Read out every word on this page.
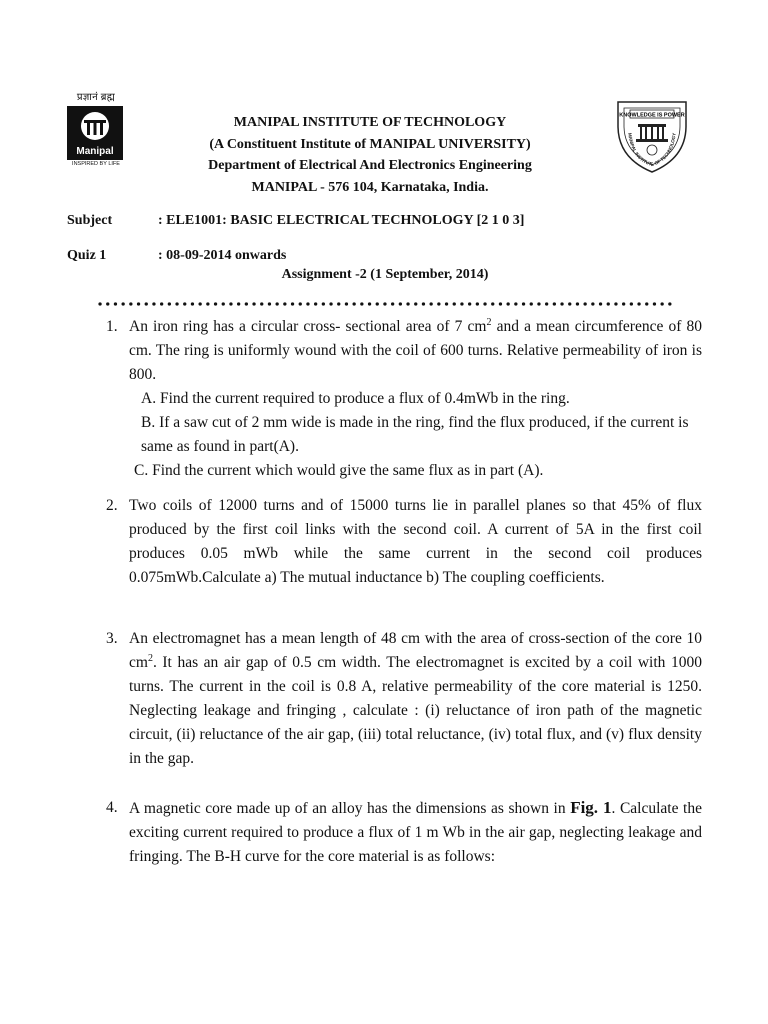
प्रज्ञानं ब्रह्म
Manipal
INSPIRED BY LIFE
KNOWLEDGE IS POWER
MANIPAL INSTITUTE OF TECHNOLOGY
MANIPAL INSTITUTE OF TECHNOLOGY
(A Constituent Institute of MANIPAL UNIVERSITY)
Department of Electrical And Electronics Engineering
MANIPAL - 576 104, Karnataka, India.
Subject	: ELE1001: BASIC ELECTRICAL TECHNOLOGY [2 1 0 3]
Quiz 1	: 08-09-2014 onwards
Assignment -2 (1 September, 2014)
1. An iron ring has a circular cross- sectional area of 7 $cm^2$ and a mean circumference of 80 cm. The ring is uniformly wound with the coil of 600 turns. Relative permeability of iron is 800.
A. Find the current required to produce a flux of 0.4mWb in the ring.
B. If a saw cut of 2 mm wide is made in the ring, find the flux produced, if the current is same as found in part(A).
C. Find the current which would give the same flux as in part (A).
2. Two coils of 12000 turns and of 15000 turns lie in parallel planes so that 45% of flux produced by the first coil links with the second coil. A current of 5A in the first coil produces 0.05 mWb while the same current in the second coil produces 0.075mWb.Calculate a) The mutual inductance b) The coupling coefficients.
3. An electromagnet has a mean length of 48 cm with the area of cross-section of the core 10 $cm^2$. It has an air gap of 0.5 cm width. The electromagnet is excited by a coil with 1000 turns. The current in the coil is 0.8 A, relative permeability of the core material is 1250. Neglecting leakage and fringing , calculate : (i) reluctance of iron path of the magnetic circuit, (ii) reluctance of the air gap, (iii) total reluctance, (iv) total flux, and (v) flux density in the gap.
4. A magnetic core made up of an alloy has the dimensions as shown in Fig. 1. Calculate the exciting current required to produce a flux of 1 m Wb in the air gap, neglecting leakage and fringing. The B-H curve for the core material is as follows:
